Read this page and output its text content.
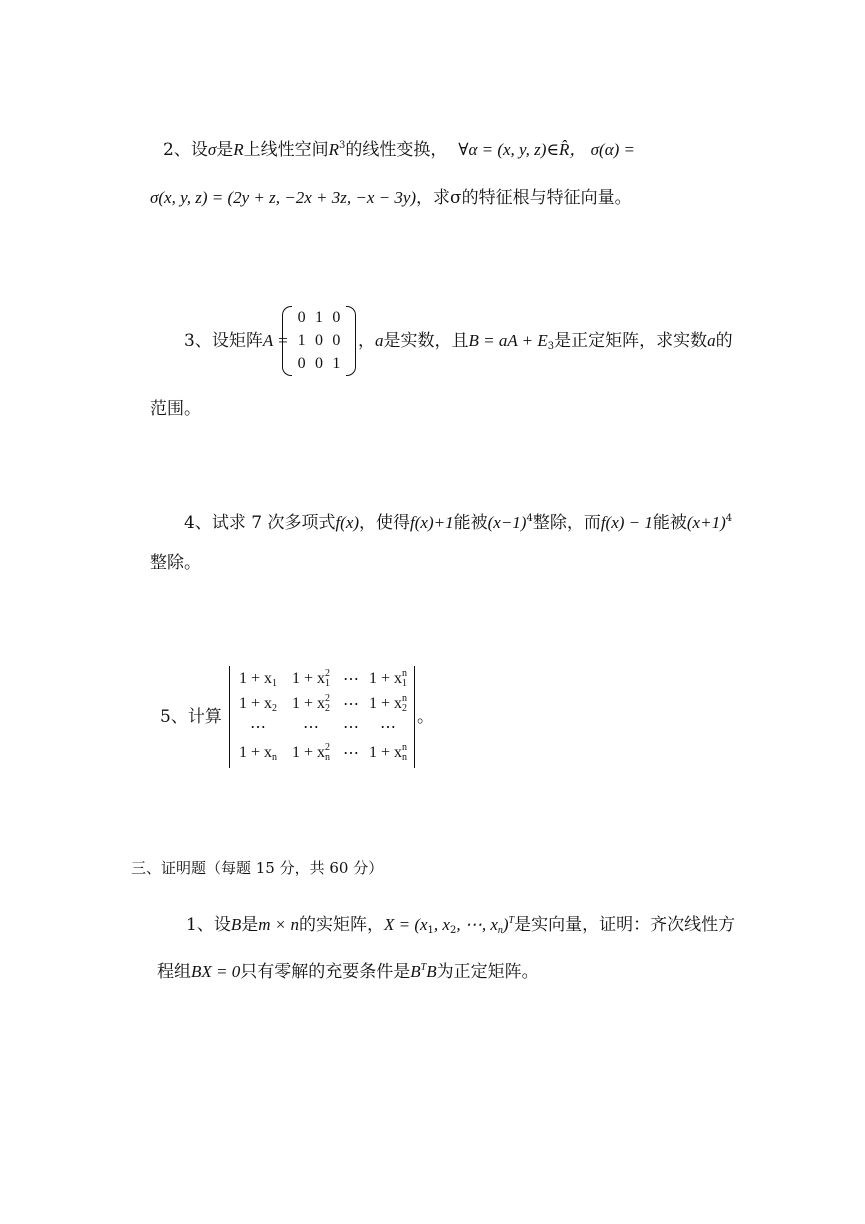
2、设σ是R上线性空间$R^3$的线性变换， ∀α = (x, y, z)∈R̂， σ(α) =
σ(x, y, z) = (2y + z, −2x + 3z, −x − 3y)，求σ的特征根与特征向量。
3、设矩阵A =
0 1 0
1 0 0
0 0 1
，a是实数，且B = aA + $E_3$是正定矩阵，求实数a的
范围。
4、试求 7 次多项式f(x)，使得f(x)+1能被$(x-1)^4$整除，而f(x) − 1能被$(x+1)^4$
整除。
5、计算
$1 + x_1$ $1 + x_1^2$ ⋯ $1 + x_1^n$
$1 + x_2$ $1 + x_2^2$ ⋯ $1 + x_2^n$
⋯ ⋯ ⋯ ⋯
$1 + x_n$ $1 + x_n^2$ ⋯ $1 + x_n^n$
。
三、证明题（每题 15 分，共 60 分）
1、设B是m × n的实矩阵，$X = (x_1$, $x_2$, ⋯, $x_n)^T$是实向量，证明：齐次线性方
程组BX = 0只有零解的充要条件是$B^TB$为正定矩阵。
